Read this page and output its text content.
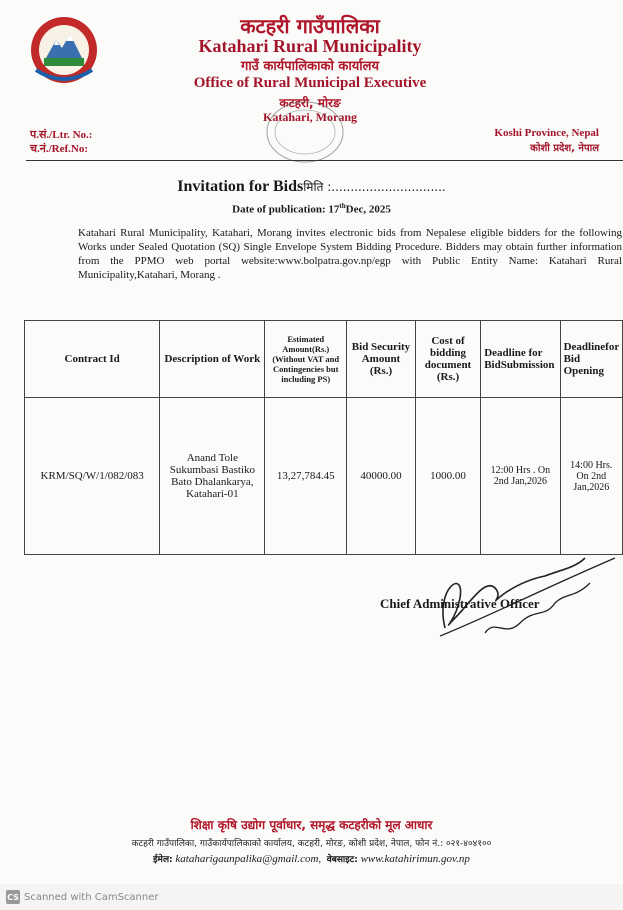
कटहरी गाउँपालिका
Katahari Rural Municipality
गाउँ कार्यपालिकाको कार्यालय
Office of Rural Municipal Executive
कटहरी, मोरङ
Katahari, Morang
प.सं./Ltr. No.:
च.नं./Ref.No:
Koshi Province, Nepal
कोशी प्रदेश, नेपाल
Invitation for Bidsमिति :..............................
Date of publication: 17thDec, 2025
Katahari Rural Municipality, Katahari, Morang invites electronic bids from Nepalese eligible bidders for the following Works under Sealed Quotation (SQ) Single Envelope System Bidding Procedure. Bidders may obtain further information from the PPMO web portal website:www.bolpatra.gov.np/egp with Public Entity Name: Katahari Rural Municipality,Katahari, Morang .
Contract Id	Description of Work	Estimated Amount(Rs.) (Without VAT and Contingencies but including PS)	Bid Security Amount (Rs.)	Cost of bidding document (Rs.)	Deadline for BidSubmission	Deadlinefor Bid Opening
KRM/SQ/W/1/082/083	Anand Tole Sukumbasi Bastiko Bato Dhalankarya, Katahari-01	13,27,784.45	40000.00	1000.00	12:00 Hrs . On 2nd Jan,2026	14:00 Hrs. On 2nd Jan,2026
Chief Administrative Officer
शिक्षा कृषि उद्योग पूर्वाधार, समृद्ध कटहरीको मूल आधार
कटहरी गाउँपालिका, गाउँकार्यपालिकाको कार्यालय, कटहरी, मोरङ, कोशी प्रदेश, नेपाल, फोन नं.: ०२१-४०४१००
ईमेल: kataharigaunpalika@gmail.com, वेबसाइट: www.katahirimun.gov.np
CS Scanned with CamScanner
